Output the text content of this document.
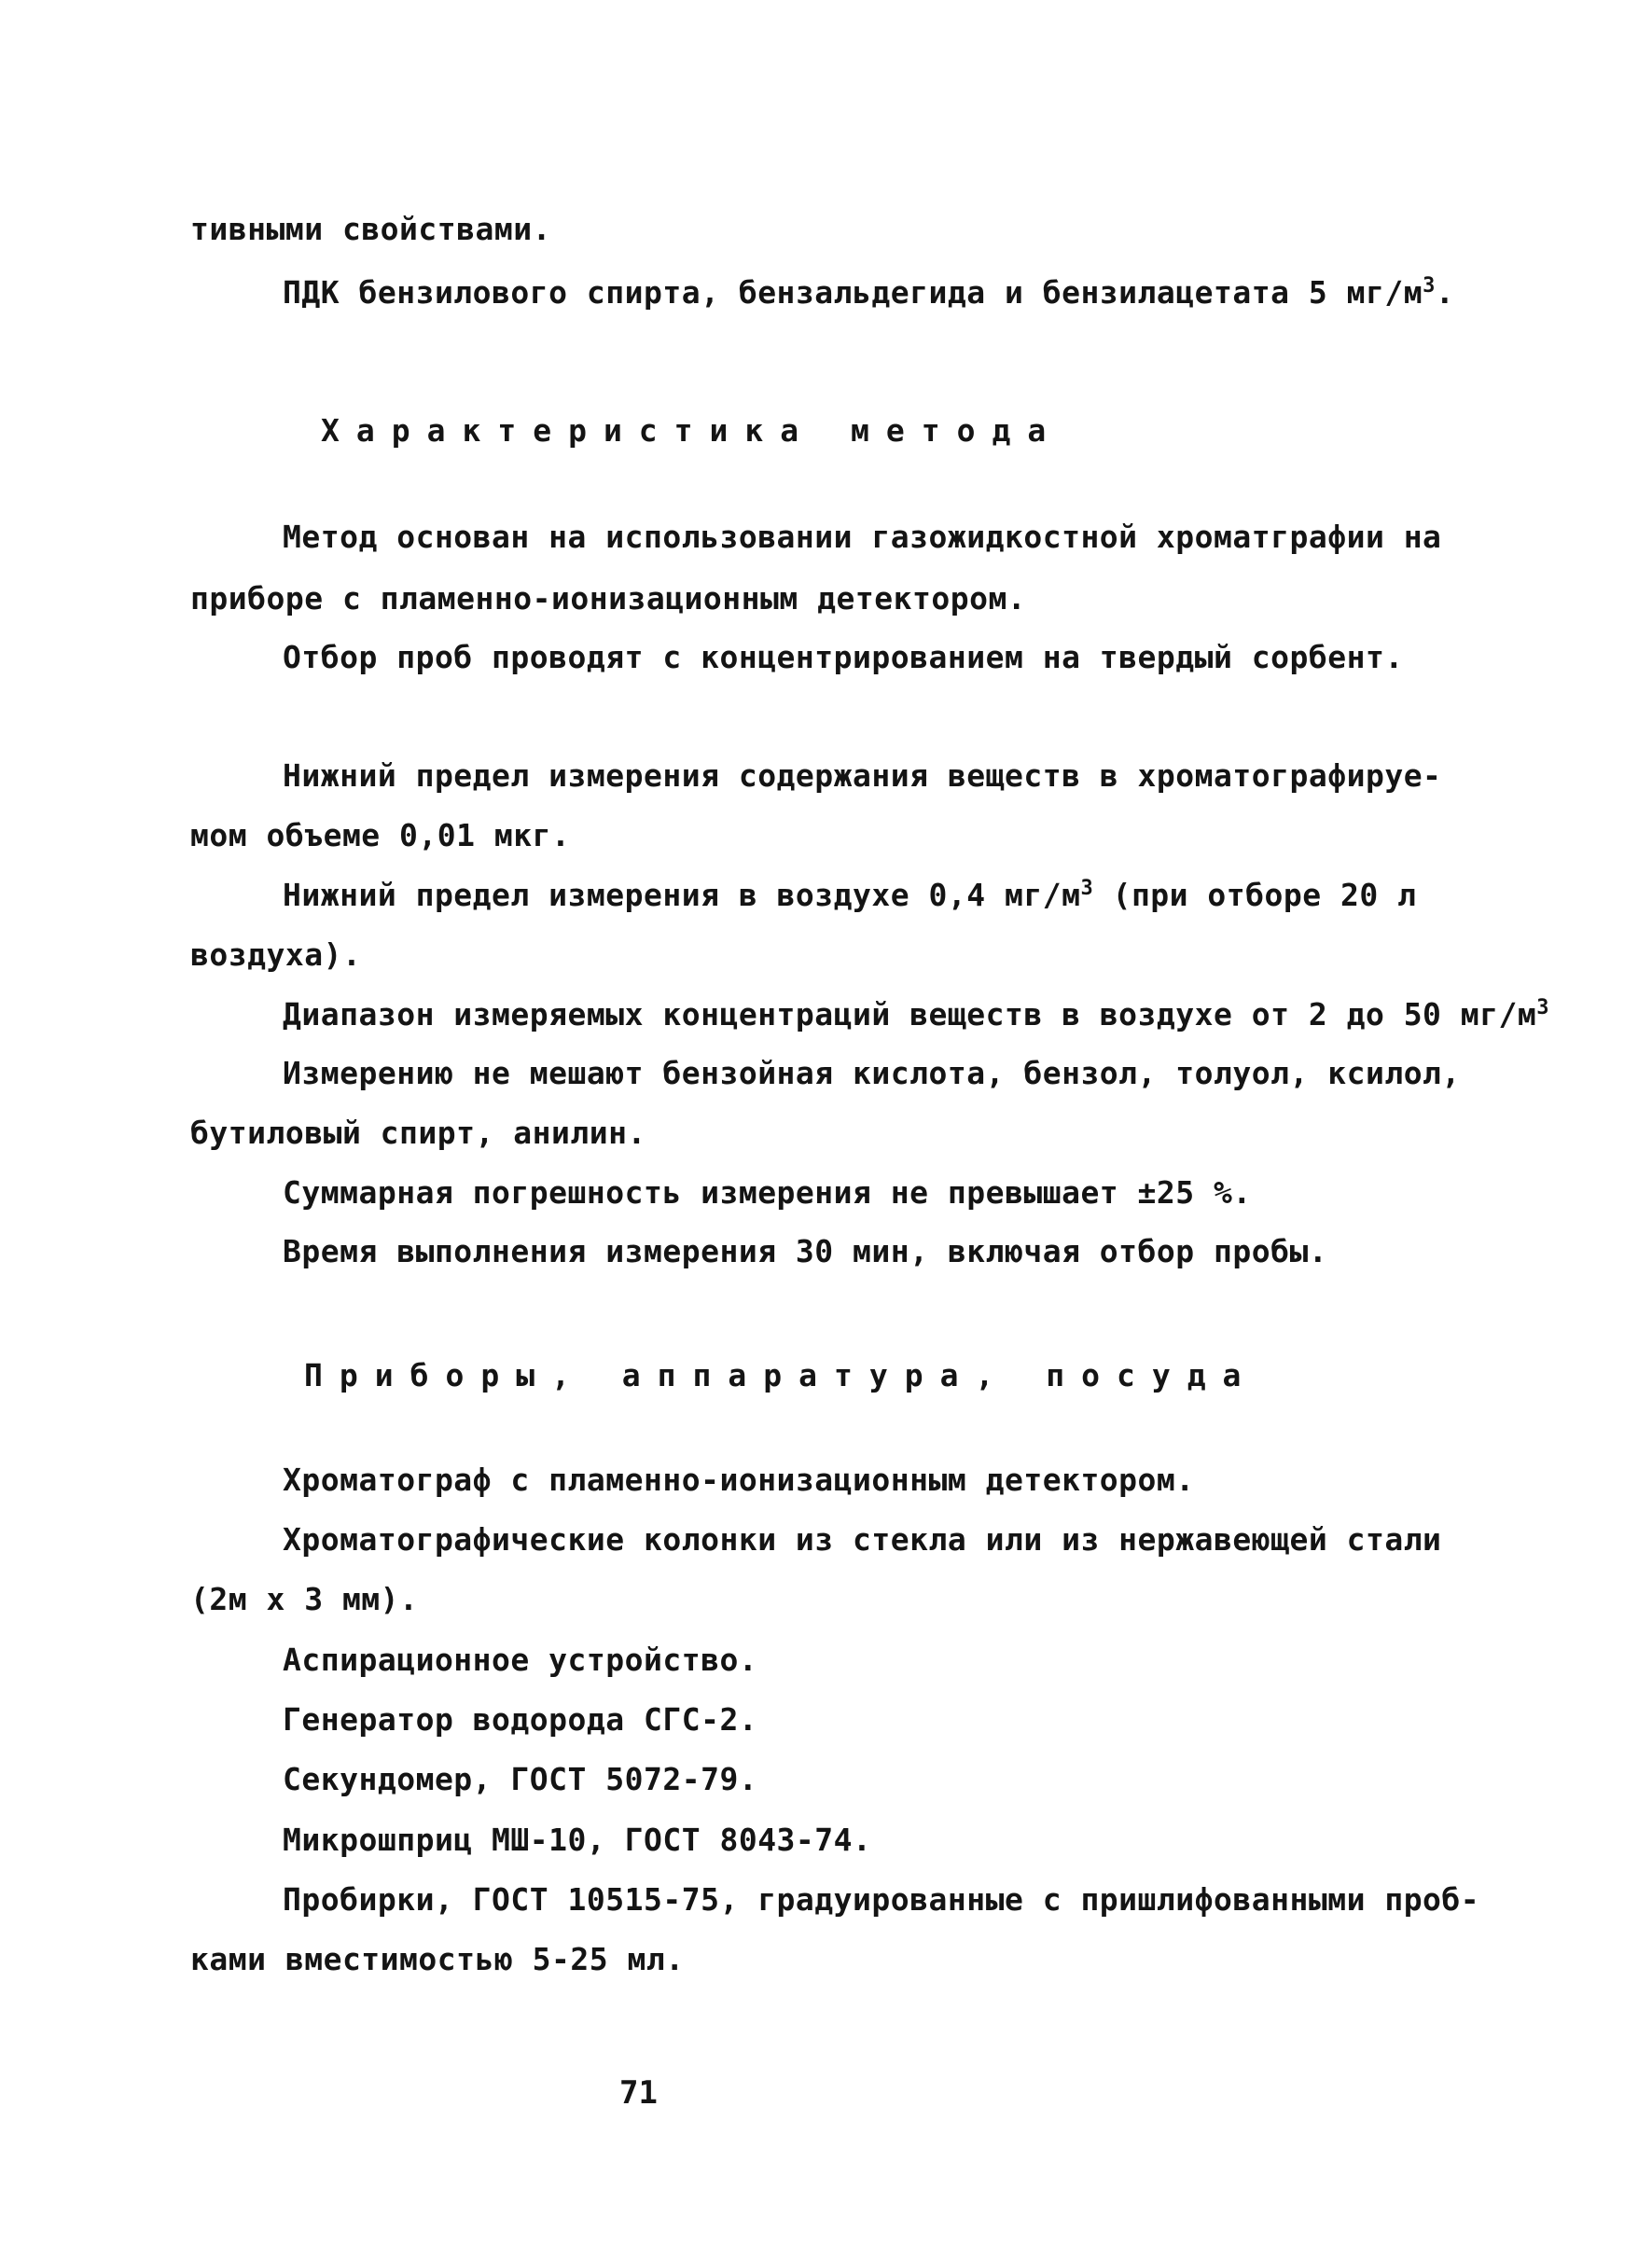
тивными свойствами.
ПДК бензилового спирта, бензальдегида и бензилацетата 5 $мг/м^3$.
Характеристика метода
Метод основан на использовании газожидкостной хроматграфии на
приборе с пламенно-ионизационным детектором.
Отбор проб проводят с концентрированием на твердый сорбент.
Нижний предел измерения содержания веществ в хроматографируе-
мом объеме 0,01 мкг.
Нижний предел измерения в воздухе 0,4 $мг/м^3$ (при отборе 20 л
воздуха).
Диапазон измеряемых концентраций веществ в воздухе от 2 до 50 $мг/м^3$
Измерению не мешают бензойная кислота, бензол, толуол, ксилол,
бутиловый спирт, анилин.
Суммарная погрешность измерения не превышает ±25 %.
Время выполнения измерения 30 мин, включая отбор пробы.
Приборы, аппаратура, посуда
Хроматограф с пламенно-ионизационным детектором.
Хроматографические колонки из стекла или из нержавеющей стали
(2м х 3 мм).
Аспирационное устройство.
Генератор водорода СГС-2.
Секундомер, ГОСТ 5072-79.
Микрошприц МШ-10, ГОСТ 8043-74.
Пробирки, ГОСТ 10515-75, градуированные с пришлифованными проб-
ками вместимостью 5-25 мл.
71
